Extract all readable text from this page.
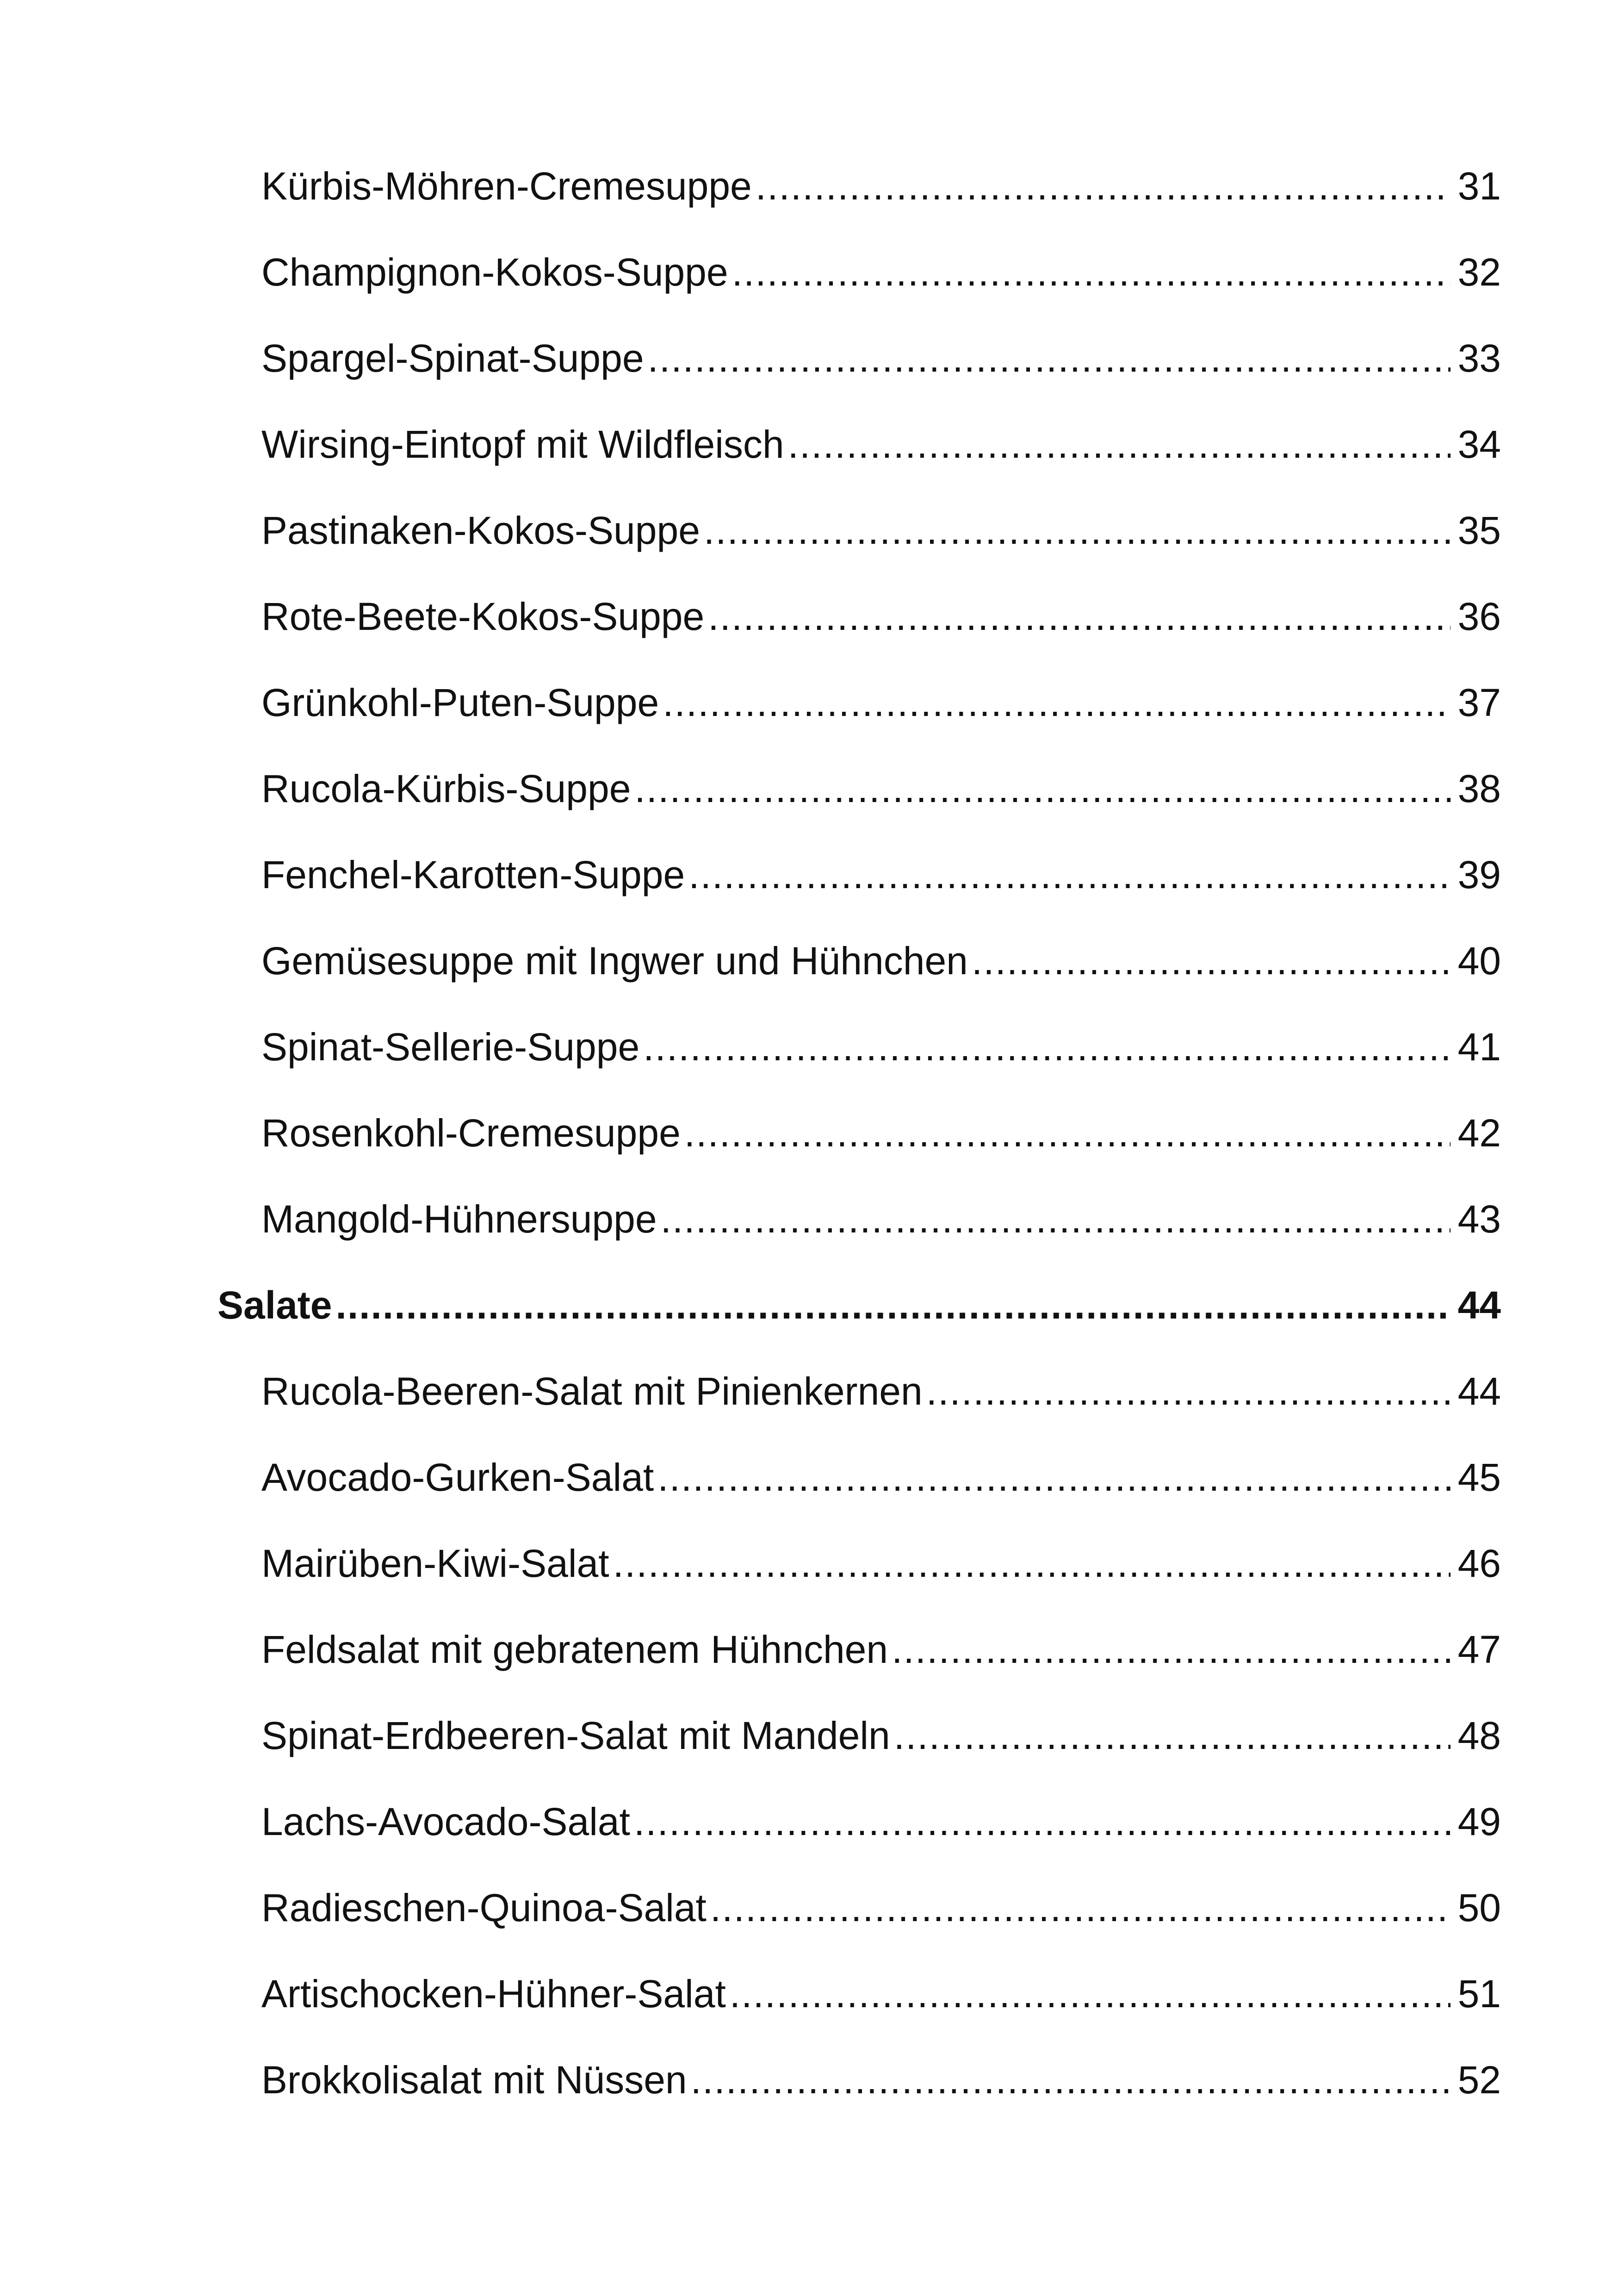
Kürbis-Möhren-Cremesuppe .....	31
Champignon-Kokos-Suppe .....	32
Spargel-Spinat-Suppe .....	33
Wirsing-Eintopf mit Wildfleisch .....	34
Pastinaken-Kokos-Suppe .....	35
Rote-Beete-Kokos-Suppe .....	36
Grünkohl-Puten-Suppe .....	37
Rucola-Kürbis-Suppe .....	38
Fenchel-Karotten-Suppe .....	39
Gemüsesuppe mit Ingwer und Hühnchen .....	40
Spinat-Sellerie-Suppe .....	41
Rosenkohl-Cremesuppe .....	42
Mangold-Hühnersuppe .....	43
Salate .....	44
Rucola-Beeren-Salat mit Pinienkernen .....	44
Avocado-Gurken-Salat .....	45
Mairüben-Kiwi-Salat .....	46
Feldsalat mit gebratenem Hühnchen .....	47
Spinat-Erdbeeren-Salat mit Mandeln .....	48
Lachs-Avocado-Salat .....	49
Radieschen-Quinoa-Salat .....	50
Artischocken-Hühner-Salat .....	51
Brokkolisalat mit Nüssen .....	52
